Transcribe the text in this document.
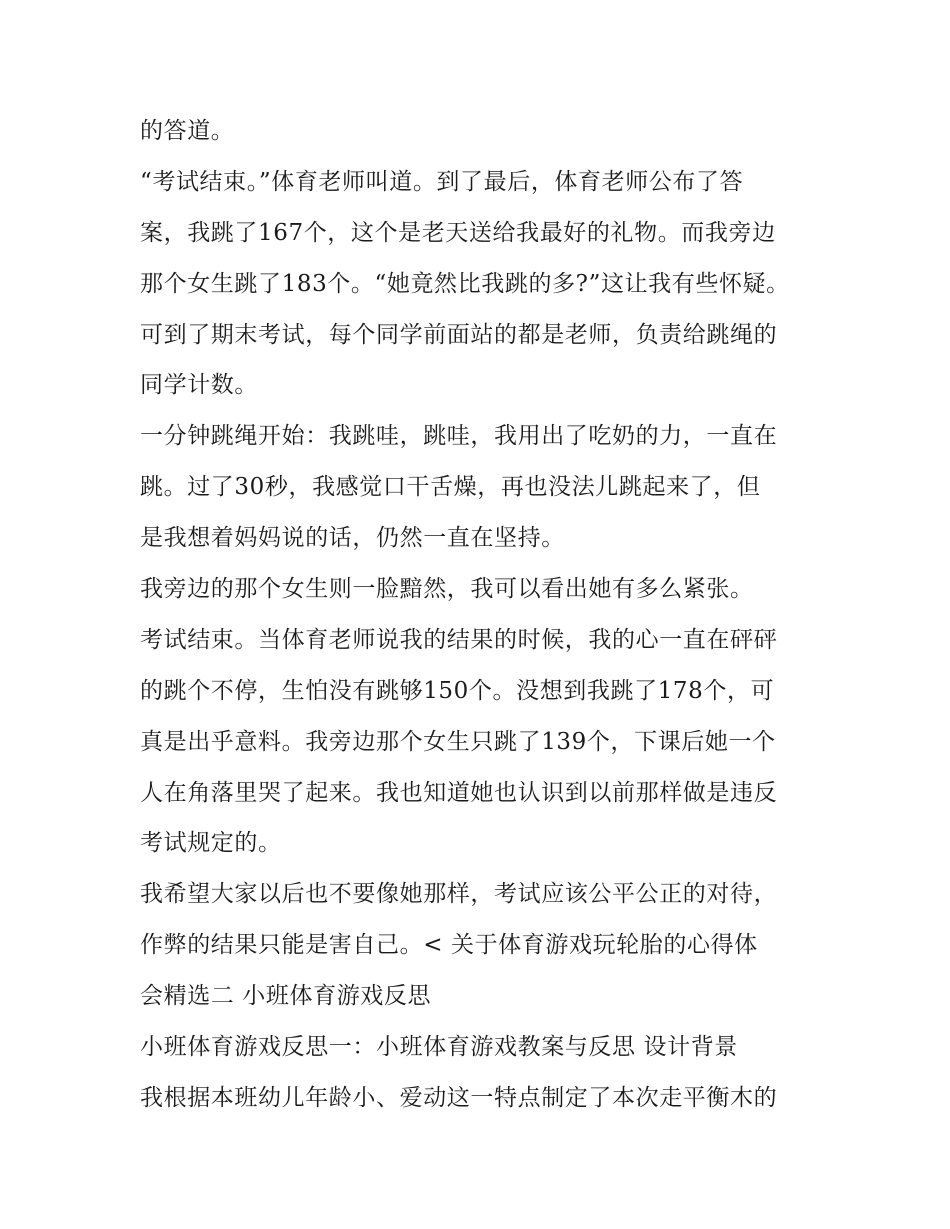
的答道。
“考试结束。”体育老师叫道。到了最后，体育老师公布了答
案，我跳了167个，这个是老天送给我最好的礼物。而我旁边
那个女生跳了183个。“她竟然比我跳的多?”这让我有些怀疑。
可到了期末考试，每个同学前面站的都是老师，负责给跳绳的
同学计数。
一分钟跳绳开始：我跳哇，跳哇，我用出了吃奶的力，一直在
跳。过了30秒，我感觉口干舌燥，再也没法儿跳起来了，但
是我想着妈妈说的话，仍然一直在坚持。
我旁边的那个女生则一脸黯然，我可以看出她有多么紧张。
考试结束。当体育老师说我的结果的时候，我的心一直在砰砰
的跳个不停，生怕没有跳够150个。没想到我跳了178个，可
真是出乎意料。我旁边那个女生只跳了139个，下课后她一个
人在角落里哭了起来。我也知道她也认识到以前那样做是违反
考试规定的。
我希望大家以后也不要像她那样，考试应该公平公正的对待，
作弊的结果只能是害自己。< 关于体育游戏玩轮胎的心得体
会精选二 小班体育游戏反思
小班体育游戏反思一：小班体育游戏教案与反思 设计背景
我根据本班幼儿年龄小、爱动这一特点制定了本次走平衡木的
